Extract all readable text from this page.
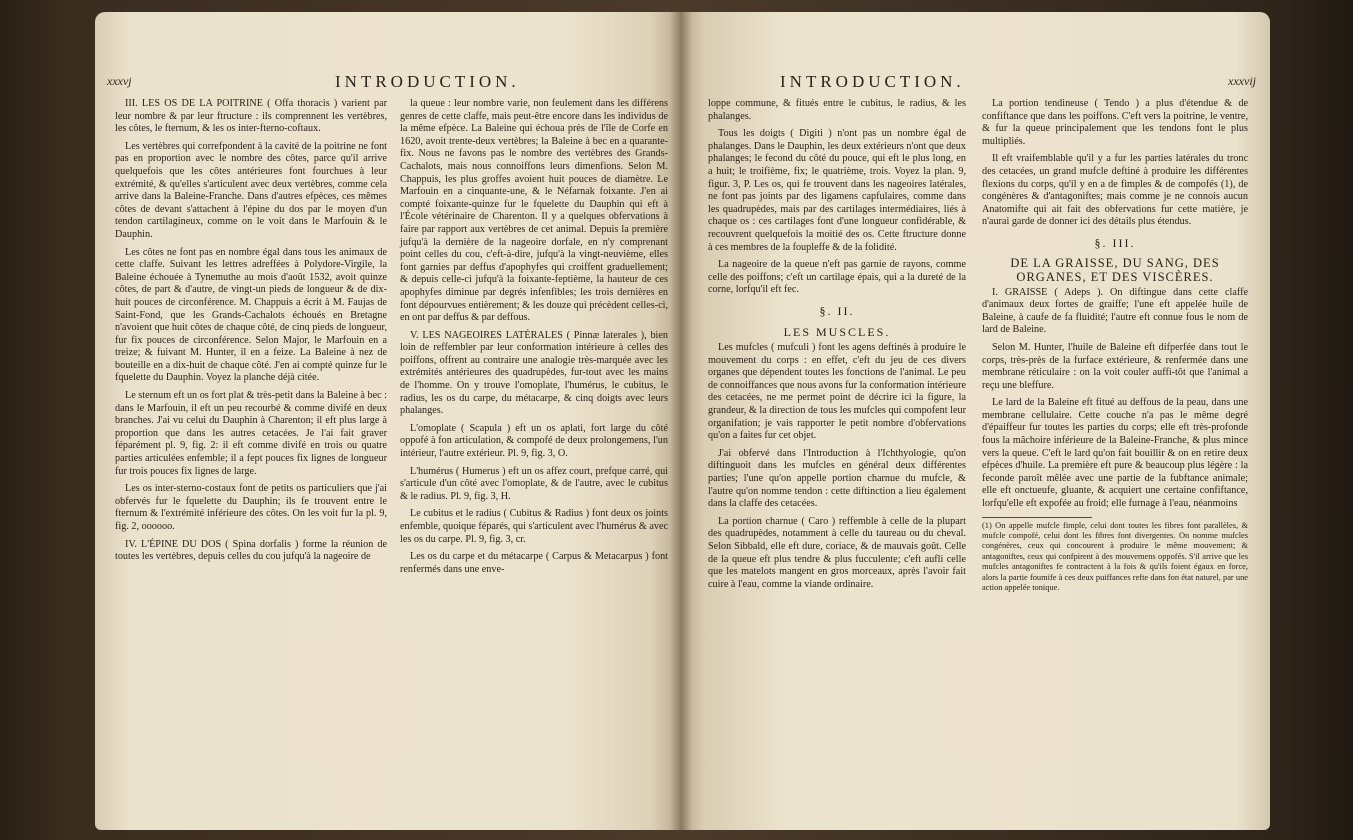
xxxvj	INTRODUCTION.

III. LES OS DE LA POITRINE ( Offa thoracis ) varient par leur nombre & par leur ftructure : ils comprennent les vertèbres, les côtes, le fternum, & les os inter-fterno-coftaux.

Les vertèbres qui correfpondent à la cavité de la poitrine ne font pas en proportion avec le nombre des côtes, parce qu'il arrive quelquefois que les côtes antérieures font fourchues à leur extrémité, & qu'elles s'articulent avec deux vertèbres, comme cela arrive dans la Baleine-Franche. Dans d'autres efpèces, ces mêmes côtes de devant s'attachent à l'épine du dos par le moyen d'un tendon cartilagineux, comme on le voit dans le Marfouin & le Dauphin.

Les côtes ne font pas en nombre égal dans tous les animaux de cette claffe. Suivant les lettres adreffées à Polydore-Virgile, la Baleine échouée à Tynemuthe au mois d'août 1532, avoit quinze côtes, de part & d'autre, de vingt-un pieds de longueur & de dix-huit pouces de circonférence. M. Chappuis a écrit à M. Faujas de Saint-Fond, que les Grands-Cachalots échoués en Bretagne n'avoient que huit côtes de chaque côté, de cinq pieds de longueur, fur fix pouces de circonférence. Selon Major, le Marfouin en a treize; & fuivant M. Hunter, il en a feize. La Baleine à nez de bouteille en a dix-huit de chaque côté. J'en ai compté quinze fur le fquelette du Dauphin. Voyez la planche déjà citée.

Le sternum eft un os fort plat & très-petit dans la Baleine à bec : dans le Marfouin, il eft un peu recourbé & comme divifé en deux branches. J'ai vu celui du Dauphin à Charenton; il eft plus large à proportion que dans les autres cetacées. Je l'ai fait graver féparément pl. 9, fig. 2: il eft comme divifé en trois ou quatre parties articulées enfemble; il a fept pouces fix lignes de longueur fur trois pouces fix lignes de large.

Les os inter-sterno-costaux font de petits os particuliers que j'ai obfervés fur le fquelette du Dauphin; ils fe trouvent entre le fternum & l'extrémité inférieure des côtes. On les voit fur la pl. 9, fig. 2, oooooo.

IV. L'ÉPINE DU DOS ( Spina dorfalis ) forme la réunion de toutes les vertèbres, depuis celles du cou jufqu'à la nageoire de

la queue : leur nombre varie, non feulement dans les différens genres de cette claffe, mais peut-être encore dans les individus de la même efpèce. La Baleine qui échoua près de l'île de Corfe en 1620, avoit trente-deux vertèbres; la Baleine à bec en a quarante-fix. Nous ne favons pas le nombre des vertèbres des Grands-Cachalots, mais nous connoiffons leurs dimenfions. Selon M. Chappuis, les plus groffes avoient huit pouces de diamètre. Le Marfouin en a cinquante-une, & le Néfarnak foixante. J'en ai compté foixante-quinze fur le fquelette du Dauphin qui eft à l'École vétérinaire de Charenton. Il y a quelques obfervations à faire par rapport aux vertèbres de cet animal. Depuis la première jufqu'à la dernière de la nageoire dorfale, en n'y comprenant point celles du cou, c'eft-à-dire, jufqu'à la vingt-neuvième, elles font garnies par deffus d'apophyfes qui croiffent graduellement; & depuis celle-ci jufqu'à la foixante-feptième, la hauteur de ces apophyfes diminue par degrés infenfibles; les trois dernières en font dépourvues entièrement; & les douze qui précèdent celles-ci, en ont par deffus & par deffous.

V. LES NAGEOIRES LATÉRALES ( Pinnæ laterales ), bien loin de reffembler par leur conformation intérieure à celles des poiffons, offrent au contraire une analogie très-marquée avec les extrémités antérieures des quadrupèdes, fur-tout avec les mains de l'homme. On y trouve l'omoplate, l'humérus, le cubitus, le radius, les os du carpe, du métacarpe, & cinq doigts avec leurs phalanges.

L'omoplate ( Scapula ) eft un os aplati, fort large du côté oppofé à fon articulation, & compofé de deux prolongemens, l'un intérieur, l'autre extérieur. Pl. 9, fig. 3, O.

L'humérus ( Humerus ) eft un os affez court, prefque carré, qui s'articule d'un côté avec l'omoplate, & de l'autre, avec le cubitus & le radius. Pl. 9, fig. 3, H.

Le cubitus et le radius ( Cubitus & Radius ) font deux os joints enfemble, quoique féparés, qui s'articulent avec l'humérus & avec les os du carpe. Pl. 9, fig. 3, cr.

Les os du carpe et du métacarpe ( Carpus & Metacarpus ) font renfermés dans une enve-

INTRODUCTION.	xxxvij

loppe commune, & fitués entre le cubitus, le radius, & les phalanges.

Tous les doigts ( Digiti ) n'ont pas un nombre égal de phalanges. Dans le Dauphin, les deux extérieurs n'ont que deux phalanges; le fecond du côté du pouce, qui eft le plus long, en a huit; le troifième, fix; le quatrième, trois. Voyez la plan. 9, figur. 3, P. Les os, qui fe trouvent dans les nageoires latérales, ne font pas joints par des ligamens capfulaires, comme dans les quadrupèdes, mais par des cartilages intermédiaires, liés à chaque os : ces cartilages font d'une longueur confidérable, & recouvrent quelquefois la moitié des os. Cette ftructure donne à ces membres de la foupleffe & de la folidité.

La nageoire de la queue n'eft pas garnie de rayons, comme celle des poiffons; c'eft un cartilage épais, qui a la dureté de la corne, lorfqu'il eft fec.

§. II.
LES MUSCLES.

Les mufcles ( mufculi ) font les agens deftinés à produire le mouvement du corps : en effet, c'eft du jeu de ces divers organes que dépendent toutes les fonctions de l'animal. Le peu de connoiffances que nous avons fur la conformation intérieure des cetacées, ne me permet point de décrire ici la figure, la grandeur, & la direction de tous les mufcles qui compofent leur organifation; je vais rapporter le petit nombre d'obfervations qu'on a faites fur cet objet.

J'ai obfervé dans l'Introduction à l'Ichthyologie, qu'on diftinguoit dans les mufcles en général deux différentes parties; l'une qu'on appelle portion charnue du mufcle, & l'autre qu'on nomme tendon : cette diftinction a lieu également dans la claffe des cetacées.

La portion charnue ( Caro ) reffemble à celle de la plupart des quadrupèdes, notamment à celle du taureau ou du cheval. Selon Sibbald, elle eft dure, coriace, & de mauvais goût. Celle de la queue eft plus tendre & plus fucculente; c'eft aufli celle que les matelots mangent en gros morceaux, après l'avoir fait cuire à l'eau, comme la viande ordinaire.

La portion tendineuse ( Tendo ) a plus d'étendue & de confiftance que dans les poiffons. C'eft vers la poitrine, le ventre, & fur la queue principalement que les tendons font le plus multipliés.

Il eft vraifemblable qu'il y a fur les parties latérales du tronc des cetacées, un grand mufcle deftiné à produire les différentes flexions du corps, qu'il y en a de fimples & de compofés (1), de congénères & d'antagoniftes; mais comme je ne connois aucun Anatomifte qui ait fait des obfervations fur cette matière, je n'aurai garde de donner ici des détails plus étendus.

§. III.
DE LA GRAISSE, DU SANG, DES ORGANES, ET DES VISCÈRES.

I. GRAISSE ( Adeps ). On diftingue dans cette claffe d'animaux deux fortes de graiffe; l'une eft appelée huile de Baleine, à caufe de fa fluidité; l'autre eft connue fous le nom de lard de Baleine.

Selon M. Hunter, l'huile de Baleine eft difperfée dans tout le corps, très-près de la furface extérieure, & renfermée dans une membrane réticulaire : on la voit couler auffi-tôt que l'animal a reçu une bleffure.

Le lard de la Baleine eft fitué au deffous de la peau, dans une membrane cellulaire. Cette couche n'a pas le même degré d'épaiffeur fur toutes les parties du corps; elle eft très-profonde fous la mâchoire inférieure de la Baleine-Franche, & plus mince vers la queue. C'eft le lard qu'on fait bouillir & on en retire deux efpèces d'huile. La première eft pure & beaucoup plus légère : la feconde paroît mêlée avec une partie de la fubftance animale; elle eft onctueufe, gluante, & acquiert une certaine confiftance, lorfqu'elle eft expofée au froid; elle furnage à l'eau, néanmoins

(1) On appelle mufcle fimple, celui dont toutes les fibres font parallèles, & mufcle compofé, celui dont les fibres font divergentes. On nomme mufcles congénères, ceux qui concourent à produire le même mouvement; & antagoniftes, ceux qui confpirent à des mouvemens oppofés. S'il arrive que les mufcles antagoniftes fe contractent à la fois & qu'ils foient égaux en force, alors la partie foumife à ces deux puiffances refte dans fon état naturel, par une action appelée tonique.
